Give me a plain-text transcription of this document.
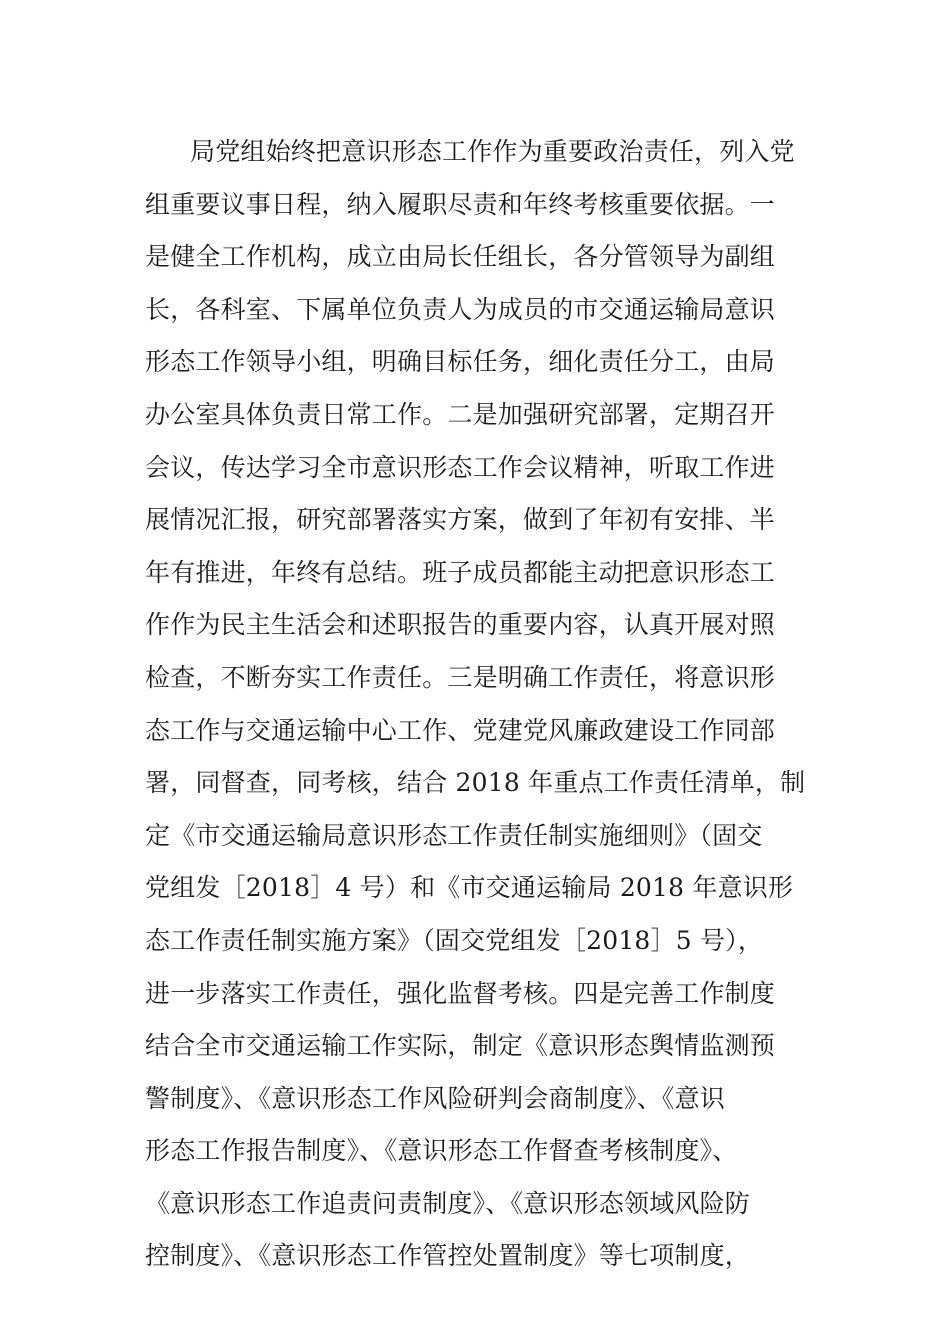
局党组始终把意识形态工作作为重要政治责任，列入党
组重要议事日程，纳入履职尽责和年终考核重要依据。一
是健全工作机构，成立由局长任组长，各分管领导为副组
长，各科室、下属单位负责人为成员的市交通运输局意识
形态工作领导小组，明确目标任务，细化责任分工，由局
办公室具体负责日常工作。二是加强研究部署，定期召开
会议，传达学习全市意识形态工作会议精神，听取工作进
展情况汇报，研究部署落实方案，做到了年初有安排、半
年有推进，年终有总结。班子成员都能主动把意识形态工
作作为民主生活会和述职报告的重要内容，认真开展对照
检查，不断夯实工作责任。三是明确工作责任，将意识形
态工作与交通运输中心工作、党建党风廉政建设工作同部
署，同督查，同考核，结合 2018 年重点工作责任清单，制
定《市交通运输局意识形态工作责任制实施细则》（固交
党组发［2018］4 号）和《市交通运输局 2018 年意识形
态工作责任制实施方案》（固交党组发［2018］5 号），
进一步落实工作责任，强化监督考核。四是完善工作制度
结合全市交通运输工作实际，制定《意识形态舆情监测预
警制度》、《意识形态工作风险研判会商制度》、《意识
形态工作报告制度》、《意识形态工作督查考核制度》、
《意识形态工作追责问责制度》、《意识形态领域风险防
控制度》、《意识形态工作管控处置制度》等七项制度，
